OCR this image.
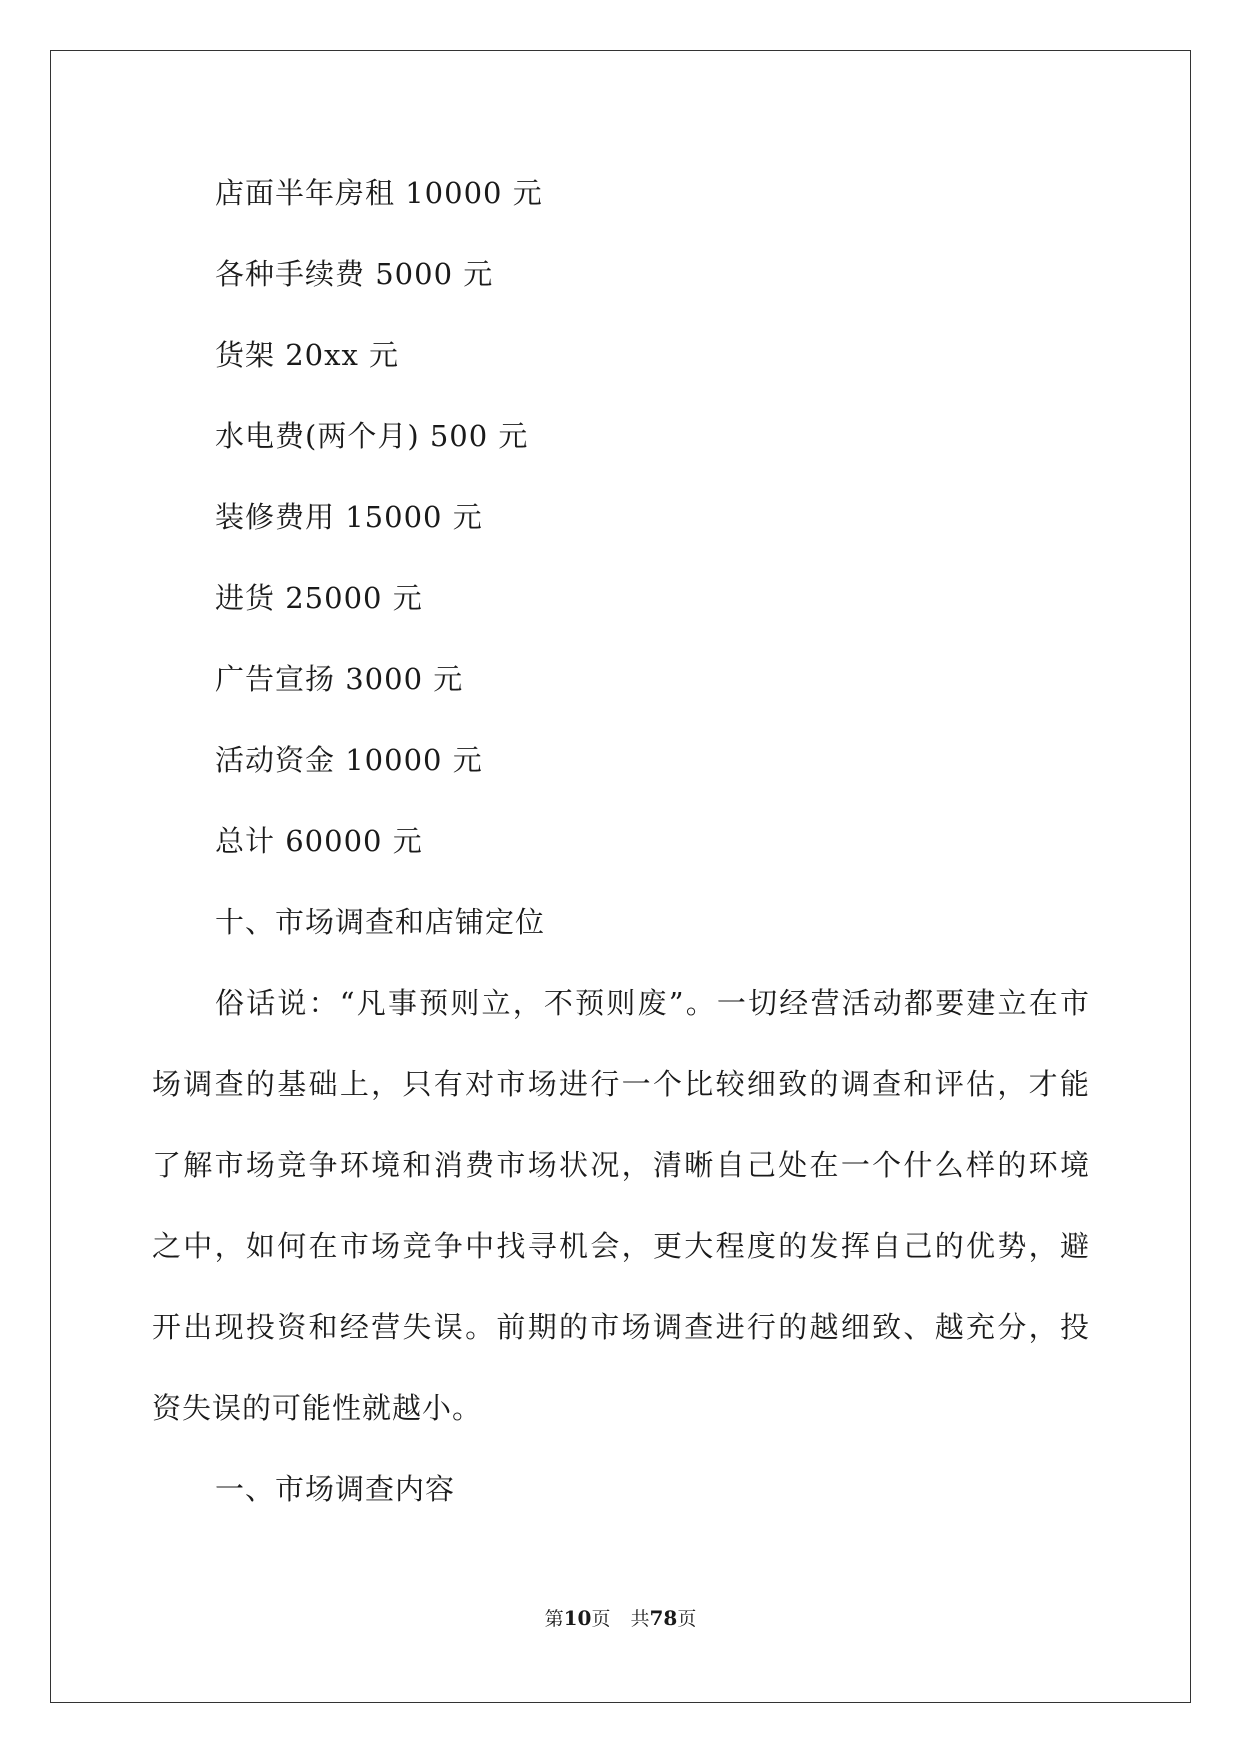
店面半年房租 10000 元
各种手续费 5000 元
货架 20xx 元
水电费(两个月) 500 元
装修费用 15000 元
进货 25000 元
广告宣扬 3000 元
活动资金 10000 元
总计 60000 元
十、市场调查和店铺定位
俗话说：“凡事预则立，不预则废”。一切经营活动都要建立在市
场调查的基础上，只有对市场进行一个比较细致的调查和评估，才能
了解市场竞争环境和消费市场状况，清晰自己处在一个什么样的环境
之中，如何在市场竞争中找寻机会，更大程度的发挥自己的优势，避
开出现投资和经营失误。前期的市场调查进行的越细致、越充分，投
资失误的可能性就越小。
一、市场调查内容
第10页 共78页
